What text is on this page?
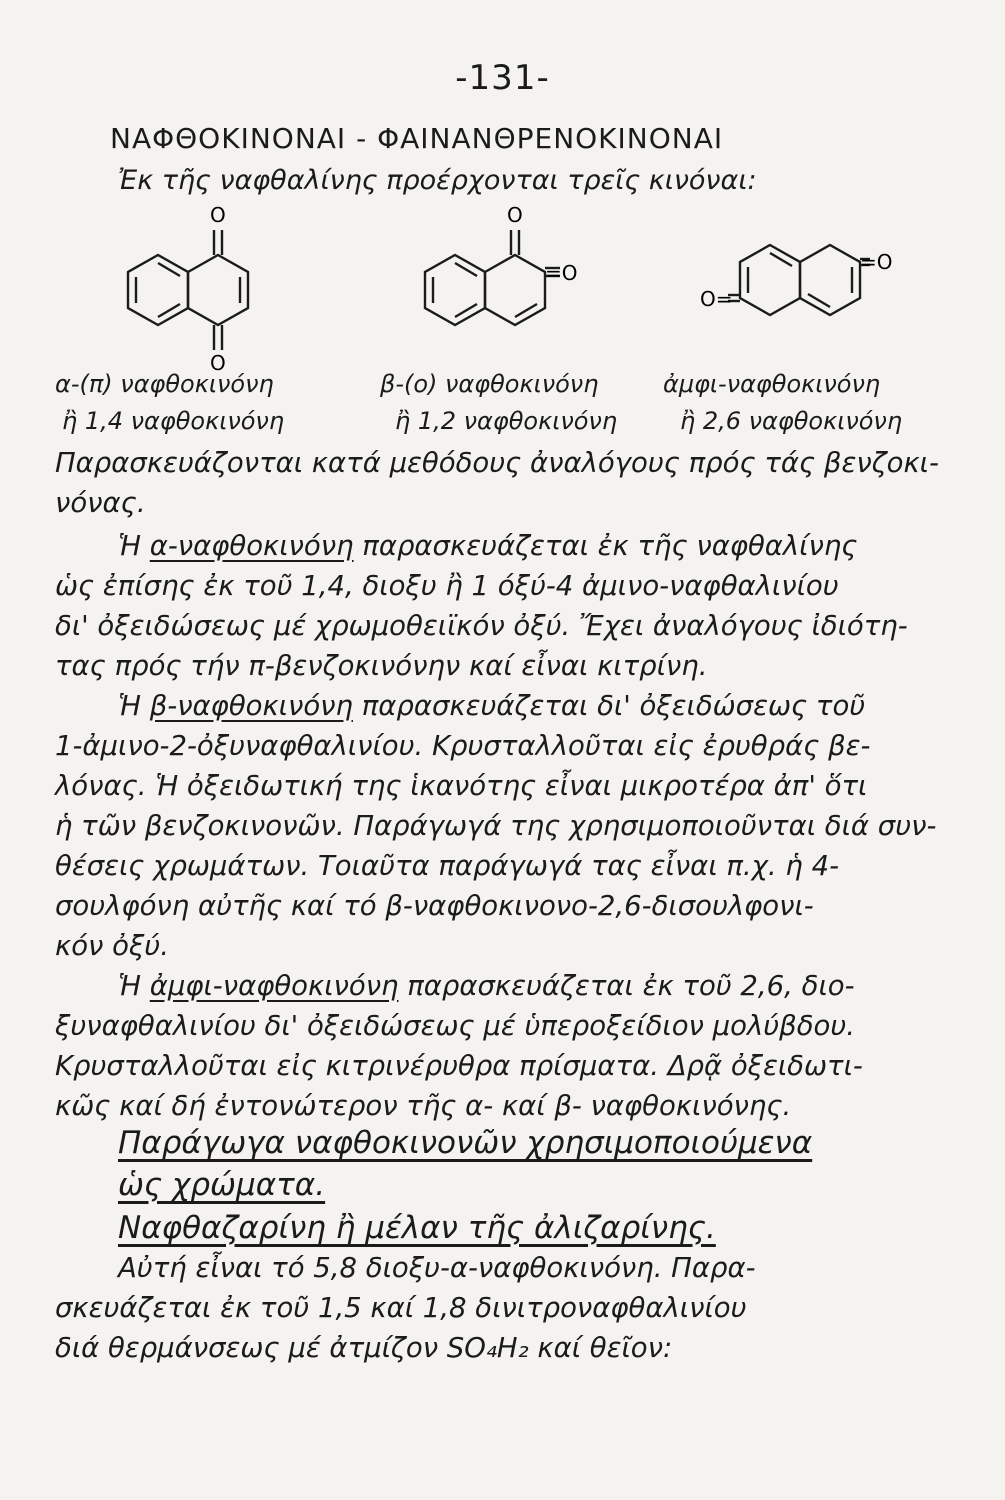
-131-
ΝΑΦΘΟΚΙΝΟΝΑΙ - ΦΑΙΝΑΝΘΡΕΝΟΚΙΝΟΝΑΙ
Ἐκ τῆς ναφθαλίνης προέρχονται τρεῖς κινόναι:
O
O
O
=O	=O
O=
α-(π) ναφθοκινόνη
ἢ 1,4 ναφθοκινόνη
β-(ο) ναφθοκινόνη
ἢ 1,2 ναφθοκινόνη
ἀμφι-ναφθοκινόνη
ἢ 2,6 ναφθοκινόνη
Παρασκευάζονται κατά μεθόδους ἀναλόγους πρός τάς βενζοκι-
νόνας.
Ἡ α-ναφθοκινόνη παρασκευάζεται ἐκ τῆς ναφθαλίνης
ὡς ἐπίσης ἐκ τοῦ 1,4, διοξυ ἢ 1 όξύ-4 ἀμινο-ναφθαλινίου
δι' ὀξειδώσεως μέ χρωμοθειϊκόν ὀξύ. Ἔχει ἀναλόγους ἰδιότη-
τας πρός τήν π-βενζοκινόνην καί εἶναι κιτρίνη.
Ἡ β-ναφθοκινόνη παρασκευάζεται δι' ὀξειδώσεως τοῦ
1-ἀμινο-2-ὀξυναφθαλινίου. Κρυσταλλοῦται εἰς ἐρυθράς βε-
λόνας. Ἡ ὀξειδωτική της ἱκανότης εἶναι μικροτέρα ἀπ' ὅτι
ἡ τῶν βενζοκινονῶν. Παράγωγά της χρησιμοποιοῦνται διά συν-
θέσεις χρωμάτων. Τοιαῦτα παράγωγά τας εἶναι π.χ. ἡ 4-
σουλφόνη αὐτῆς καί τό β-ναφθοκινονο-2,6-δισουλφονι-
κόν ὀξύ.
Ἡ ἀμφι-ναφθοκινόνη παρασκευάζεται ἐκ τοῦ 2,6, διο-
ξυναφθαλινίου δι' ὀξειδώσεως μέ ὑπεροξείδιον μολύβδου.
Κρυσταλλοῦται εἰς κιτρινέρυθρα πρίσματα. Δρᾷ ὀξειδωτι-
κῶς καί δή ἐντονώτερον τῆς α- καί β- ναφθοκινόνης.
Παράγωγα ναφθοκινονῶν χρησιμοποιούμενα
ὡς χρώματα.
Ναφθαζαρίνη ἢ μέλαν τῆς ἀλιζαρίνης.
Αὐτή εἶναι τό 5,8 διοξυ-α-ναφθοκινόνη. Παρα-
σκευάζεται ἐκ τοῦ 1,5 καί 1,8 δινιτροναφθαλινίου
διά θερμάνσεως μέ ἀτμίζον SO₄H₂ καί θεῖον:
